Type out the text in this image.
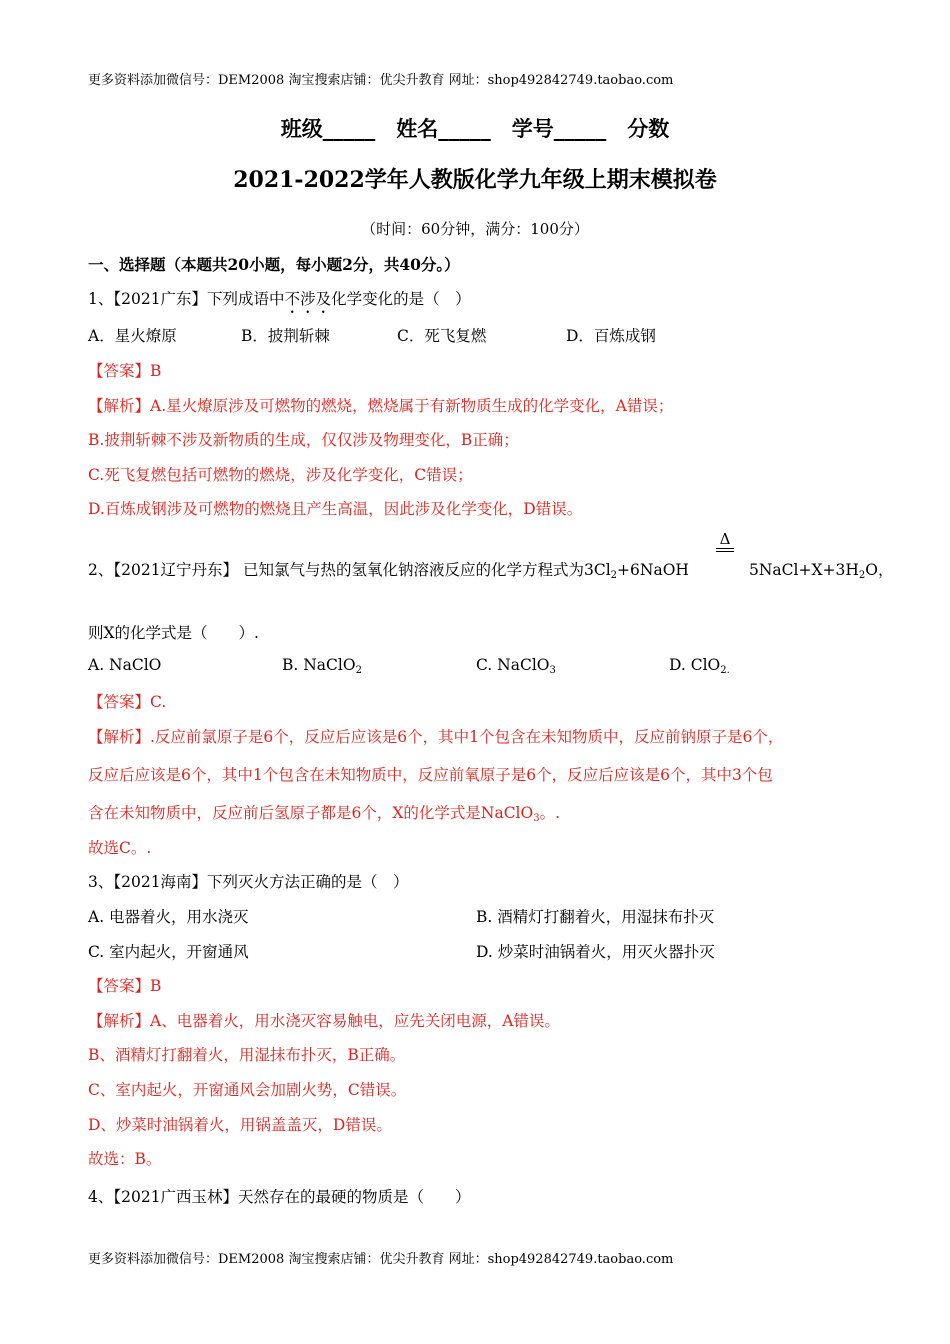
更多资料添加微信号：DEM2008 淘宝搜索店铺：优尖升教育 网址：shop492842749.taobao.com
班级_____　姓名_____　学号_____　分数
2021-2022学年人教版化学九年级上期末模拟卷
（时间：60分钟，满分：100分）
一、选择题（本题共20小题，每小题2分，共40分。）
1、【2021广东】下列成语中不涉及化学变化的是（　）
A．星火燎原	B．披荆斩棘	C．死飞复燃	D．百炼成钢
【答案】B
【解析】A.星火燎原涉及可燃物的燃烧，燃烧属于有新物质生成的化学变化，A错误；
B.披荆斩棘不涉及新物质的生成，仅仅涉及物理变化，B正确；
C.死飞复燃包括可燃物的燃烧，涉及化学变化，C错误；
D.百炼成钢涉及可燃物的燃烧且产生高温，因此涉及化学变化，D错误。
Δ
2、【2021辽宁丹东】 已知氯气与热的氢氧化钠溶液反应的化学方程式为$3Cl_2+6NaOH$	$5NaCl+X+3H_2O$，
则X的化学式是（　　）.
A. NaClO	B. NaClO$_2$	C. NaClO$_3$	D. ClO$_{2.}$
【答案】C.
【解析】.反应前氯原子是6个，反应后应该是6个，其中1个包含在未知物质中，反应前钠原子是6个，
反应后应该是6个，其中1个包含在未知物质中，反应前氧原子是6个，反应后应该是6个，其中3个包
含在未知物质中，反应前后氢原子都是6个，X的化学式是NaClO$_3$。.
故选C。.
3、【2021海南】下列灭火方法正确的是（　）
A. 电器着火，用水浇灭	B. 酒精灯打翻着火，用湿抹布扑灭
C. 室内起火，开窗通风	D. 炒菜时油锅着火，用灭火器扑灭
【答案】B
【解析】A、电器着火，用水浇灭容易触电，应先关闭电源，A错误。
B、酒精灯打翻着火，用湿抹布扑灭，B正确。
C、室内起火，开窗通风会加剧火势，C错误。
D、炒菜时油锅着火，用锅盖盖灭，D错误。
故选：B。
4、【2021广西玉林】天然存在的最硬的物质是（　　）
更多资料添加微信号：DEM2008 淘宝搜索店铺：优尖升教育 网址：shop492842749.taobao.com
